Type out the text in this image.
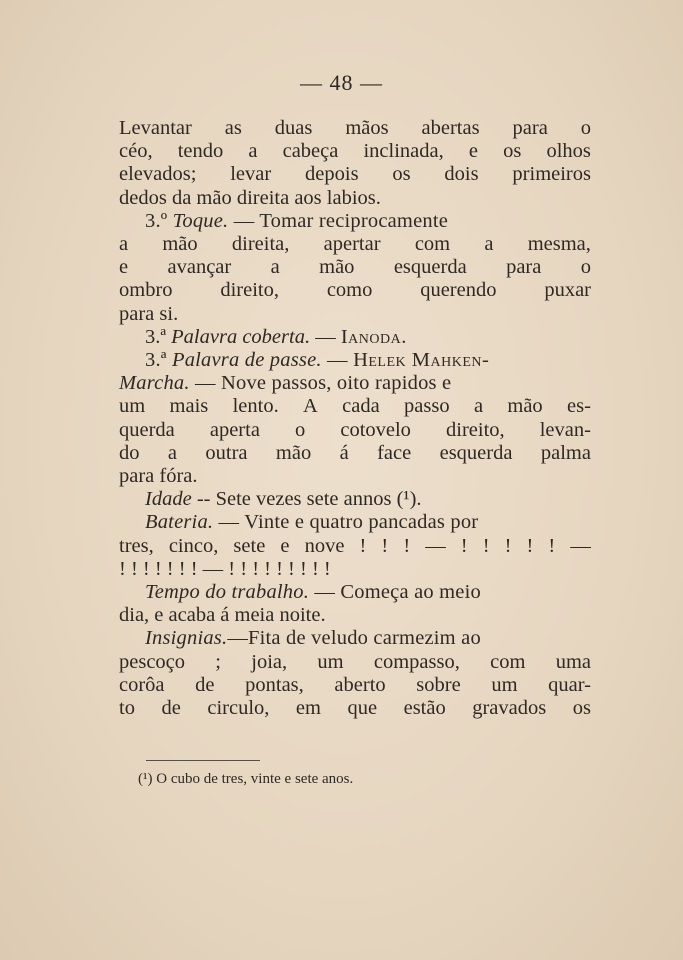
— 48 —
Levantar as duas mãos abertas para o
céo, tendo a cabeça inclinada, e os olhos
elevados; levar depois os dois primeiros
dedos da mão direita aos labios.
3.º Toque. — Tomar reciprocamente
a mão direita, apertar com a mesma,
e avançar a mão esquerda para o
ombro direito, como querendo puxar
para si.
3.ª Palavra coberta. — Ianoda.
3.ª Palavra de passe. — Helek Mahken-
Marcha. — Nove passos, oito rapidos e
um mais lento. A cada passo a mão es-
querda aperta o cotovelo direito, levan-
do a outra mão á face esquerda palma
para fóra.
Idade -- Sete vezes sete annos (¹).
Bateria. — Vinte e quatro pancadas por
tres, cinco, sete e nove ! ! ! — ! ! ! ! ! —
! ! ! ! ! ! ! — ! ! ! ! ! ! ! ! !
Tempo do trabalho. — Começa ao meio
dia, e acaba á meia noite.
Insignias.—Fita de veludo carmezim ao
pescoço ; joia, um compasso, com uma
corôa de pontas, aberto sobre um quar-
to de circulo, em que estão gravados os
(¹) O cubo de tres, vinte e sete anos.
